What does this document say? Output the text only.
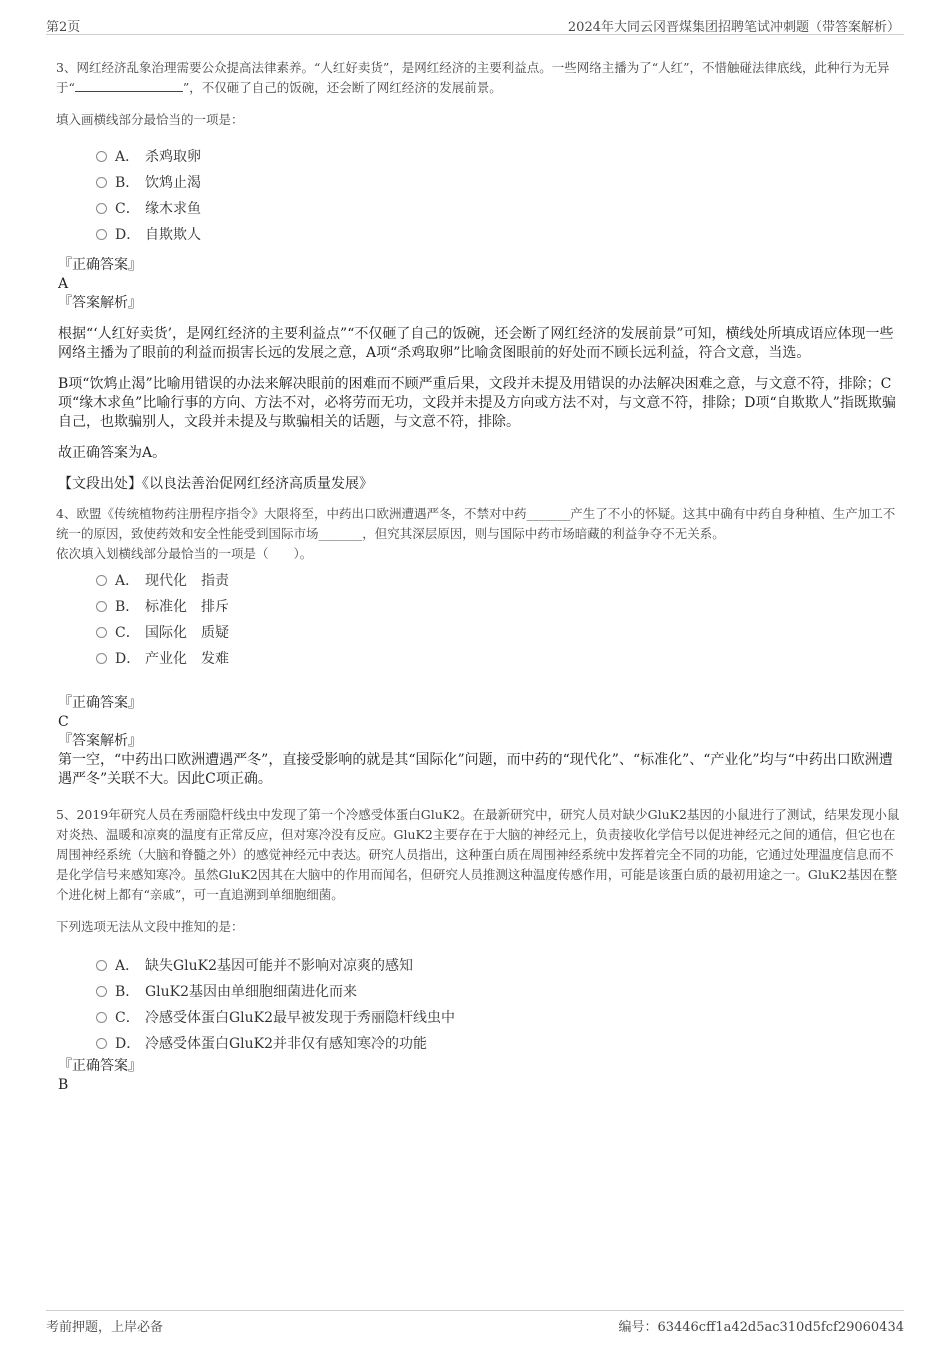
第2页	2024年大同云冈晋煤集团招聘笔试冲刺题（带答案解析）
3、网红经济乱象治理需要公众提高法律素养。“人红好卖货”，是网红经济的主要利益点。一些网络主播为了“人红”，不惜触碰法律底线，此种行为无异于“	”，不仅砸了自己的饭碗，还会断了网红经济的发展前景。
填入画横线部分最恰当的一项是：
A． 杀鸡取卵
B． 饮鸩止渴
C． 缘木求鱼
D． 自欺欺人
『正确答案』
A
『答案解析』
根据“‘人红好卖货’，是网红经济的主要利益点”“不仅砸了自己的饭碗，还会断了网红经济的发展前景”可知，横线处所填成语应体现一些网络主播为了眼前的利益而损害长远的发展之意，A项“杀鸡取卵”比喻贪图眼前的好处而不顾长远利益，符合文意，当选。
B项“饮鸩止渴”比喻用错误的办法来解决眼前的困难而不顾严重后果，文段并未提及用错误的办法解决困难之意，与文意不符，排除；C项“缘木求鱼”比喻行事的方向、方法不对，必将劳而无功，文段并未提及方向或方法不对，与文意不符，排除；D项“自欺欺人”指既欺骗自己，也欺骗别人，文段并未提及与欺骗相关的话题，与文意不符，排除。
故正确答案为A。
【文段出处】《以良法善治促网红经济高质量发展》
4、欧盟《传统植物药注册程序指令》大限将至，中药出口欧洲遭遇严冬，不禁对中药_______产生了不小的怀疑。这其中确有中药自身种植、生产加工不统一的原因，致使药效和安全性能受到国际市场_______，但究其深层原因，则与国际中药市场暗藏的利益争夺不无关系。
依次填入划横线部分最恰当的一项是（　　）。
A． 现代化　指责
B． 标准化　排斥
C． 国际化　质疑
D． 产业化　发难
『正确答案』
C
『答案解析』
第一空，“中药出口欧洲遭遇严冬”，直接受影响的就是其“国际化”问题，而中药的“现代化”、“标准化”、“产业化”均与“中药出口欧洲遭遇严冬”关联不大。因此C项正确。
5、2019年研究人员在秀丽隐杆线虫中发现了第一个冷感受体蛋白GluK2。在最新研究中，研究人员对缺少GluK2基因的小鼠进行了测试，结果发现小鼠对炎热、温暖和凉爽的温度有正常反应，但对寒冷没有反应。GluK2主要存在于大脑的神经元上，负责接收化学信号以促进神经元之间的通信，但它也在周围神经系统（大脑和脊髓之外）的感觉神经元中表达。研究人员指出，这种蛋白质在周围神经系统中发挥着完全不同的功能，它通过处理温度信息而不是化学信号来感知寒冷。虽然GluK2因其在大脑中的作用而闻名，但研究人员推测这种温度传感作用，可能是该蛋白质的最初用途之一。GluK2基因在整个进化树上都有“亲戚”，可一直追溯到单细胞细菌。
下列选项无法从文段中推知的是：
A． 缺失GluK2基因可能并不影响对凉爽的感知
B． GluK2基因由单细胞细菌进化而来
C． 冷感受体蛋白GluK2最早被发现于秀丽隐杆线虫中
D． 冷感受体蛋白GluK2并非仅有感知寒冷的功能
『正确答案』
B
考前押题，上岸必备	编号：63446cff1a42d5ac310d5fcf29060434
